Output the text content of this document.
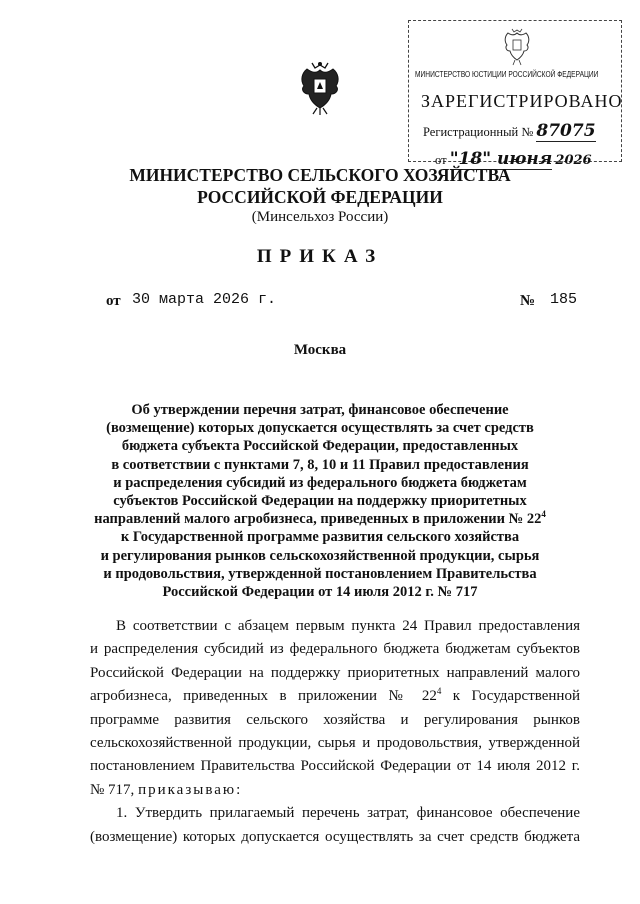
МИНИСТЕРСТВО ЮСТИЦИИ РОССИЙСКОЙ ФЕДЕРАЦИИ
ЗАРЕГИСТРИРОВАНО
Регистрационный № 87075
от "18" июня 2026
МИНИСТЕРСТВО СЕЛЬСКОГО ХОЗЯЙСТВА
РОССИЙСКОЙ ФЕДЕРАЦИИ
(Минсельхоз России)
ПРИКАЗ
от 30 марта 2026 г.	№ 185
Москва
Об утверждении перечня затрат, финансовое обеспечение
(возмещение) которых допускается осуществлять за счет средств
бюджета субъекта Российской Федерации, предоставленных
в соответствии с пунктами 7, 8, 10 и 11 Правил предоставления
и распределения субсидий из федерального бюджета бюджетам
субъектов Российской Федерации на поддержку приоритетных
направлений малого агробизнеса, приведенных в приложении № $22^4$
к Государственной программе развития сельского хозяйства
и регулирования рынков сельскохозяйственной продукции, сырья
и продовольствия, утвержденной постановлением Правительства
Российской Федерации от 14 июля 2012 г. № 717
В соответствии с абзацем первым пункта 24 Правил предоставления
и распределения субсидий из федерального бюджета бюджетам субъектов
Российской Федерации на поддержку приоритетных направлений малого
агробизнеса, приведенных в приложении № $22^4$ к Государственной
программе развития сельского хозяйства и регулирования рынков
сельскохозяйственной продукции, сырья и продовольствия, утвержденной
постановлением Правительства Российской Федерации от 14 июля 2012 г.
№ 717, приказываю:
1. Утвердить прилагаемый перечень затрат, финансовое обеспечение
(возмещение) которых допускается осуществлять за счет средств бюджета
